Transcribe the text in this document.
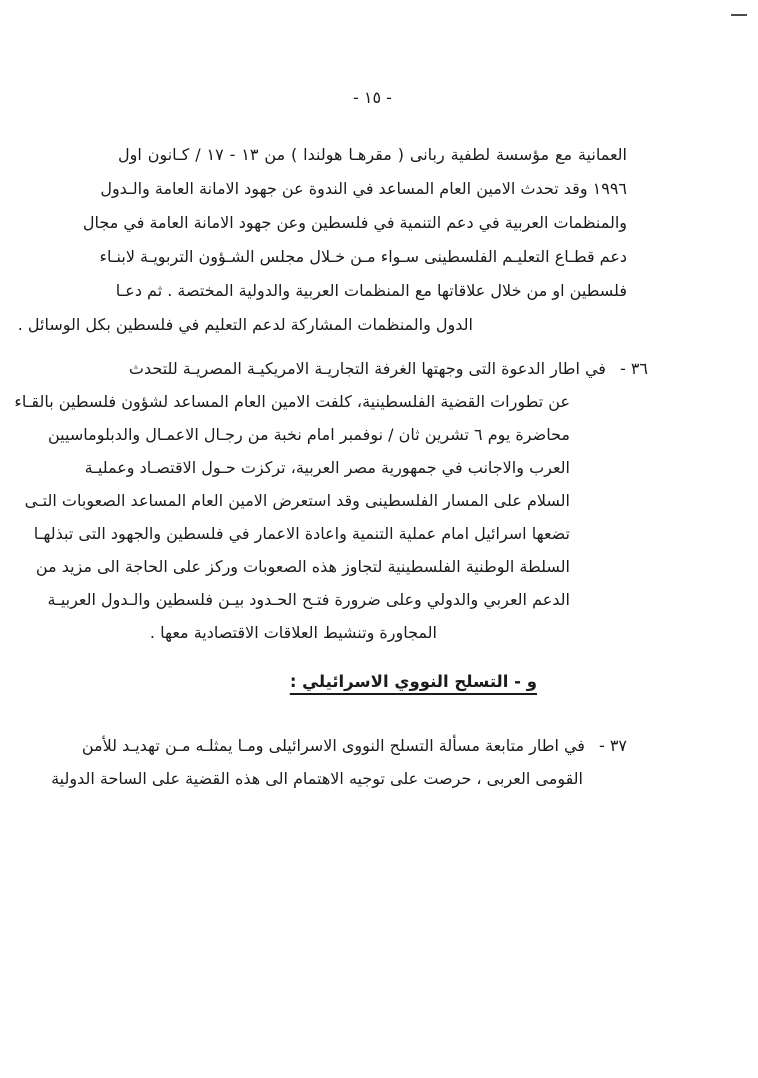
- ١٥ -
العمانية مع مؤسسة لطفية ربانى ( مقرهـا هولندا ) من ١٣ - ١٧ / كـانون اول
١٩٩٦ وقد تحدث الامين العام المساعد في الندوة عن جهود الامانة العامة والـدول
والمنظمات العربية في دعم التنمية في فلسطين وعن جهود الامانة العامة في مجال
دعم قطـاع التعليـم الفلسطينى سـواء مـن خـلال مجلس الشـؤون التربويـة لابنـاء
فلسطين او من خلال علاقاتها مع المنظمات العربية والدولية المختصة . ثم دعـا
الدول والمنظمات المشاركة لدعم التعليم في فلسطين بكل الوسائل .
٣٦ -في اطار الدعوة التى وجهتها الغرفة التجاريـة الامريكيـة المصريـة للتحدث
عن تطورات القضية الفلسطينية، كلفت الامين العام المساعد لشؤون فلسطين بالقـاء
محاضرة يوم ٦ تشرين ثان / نوفمبر امام نخبة من رجـال الاعمـال والدبلوماسيين
العرب والاجانب في جمهورية مصر العربية، تركزت حـول الاقتصـاد وعمليـة
السلام على المسار الفلسطينى وقد استعرض الامين العام المساعد الصعوبات التـى
تضعها اسرائيل امام عملية التنمية واعادة الاعمار في فلسطين والجهود التى تبذلهـا
السلطة الوطنية الفلسطينية لتجاوز هذه الصعوبات وركز على الحاجة الى مزيد من
الدعم العربي والدولي وعلى ضرورة فتـح الحـدود بيـن فلسطين والـدول العربيـة
المجاورة وتنشيط العلاقات الاقتصادية معها .
و - التسلح النووي الاسرائيلي :
٣٧ -في اطار متابعة مسألة التسلح النووى الاسرائيلى ومـا يمثلـه مـن تهديـد للأمن
القومى العربى ، حرصت على توجيه الاهتمام الى هذه القضية على الساحة الدولية
